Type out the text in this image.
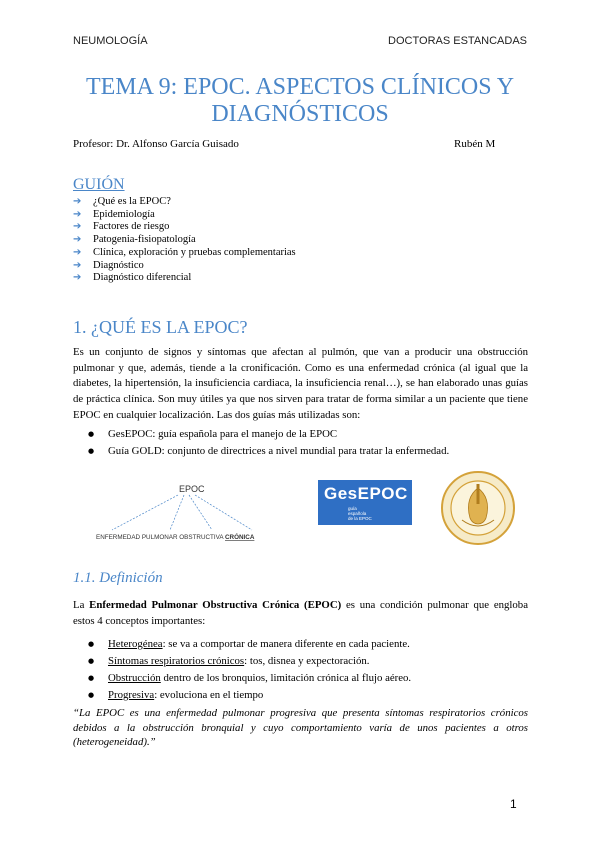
NEUMOLOGÍA	DOCTORAS ESTANCADAS
TEMA 9: EPOC. ASPECTOS CLÍNICOS Y
DIAGNÓSTICOS
Profesor: Dr. Alfonso García Guisado	Rubén M
GUIÓN
➔	¿Qué es la EPOC?
➔	Epidemiología
➔	Factores de riesgo
➔	Patogenia-fisiopatología
➔	Clínica, exploración y pruebas complementarias
➔	Diagnóstico
➔	Diagnóstico diferencial
1. ¿QUÉ ES LA EPOC?
Es un conjunto de signos y síntomas que afectan al pulmón, que van a producir una obstrucción pulmonar y que, además, tiende a la cronificación. Como es una enfermedad crónica (al igual que la diabetes, la hipertensión, la insuficiencia cardiaca, la insuficiencia renal…), se han elaborado unas guías de práctica clínica. Son muy útiles ya que nos sirven para tratar de forma similar a un paciente que tiene EPOC en cualquier localización. Las dos guías más utilizadas son:
● GesEPOC: guía española para el manejo de la EPOC
● Guía GOLD: conjunto de directrices a nivel mundial para tratar la enfermedad.
EPOC
ENFERMEDAD PULMONAR OBSTRUCTIVA CRÓNICA
GesEPOC
guía
española
de la EPOC
1.1. Definición
La Enfermedad Pulmonar Obstructiva Crónica (EPOC) es una condición pulmonar que engloba estos 4 conceptos importantes:
● Heterogénea: se va a comportar de manera diferente en cada paciente.
● Síntomas respiratorios crónicos: tos, disnea y expectoración.
● Obstrucción dentro de los bronquios, limitación crónica al flujo aéreo.
● Progresiva: evoluciona en el tiempo
“La EPOC es una enfermedad pulmonar progresiva que presenta síntomas respiratorios crónicos debidos a la obstrucción bronquial y cuyo comportamiento varía de unos pacientes a otros (heterogeneidad).”
1
